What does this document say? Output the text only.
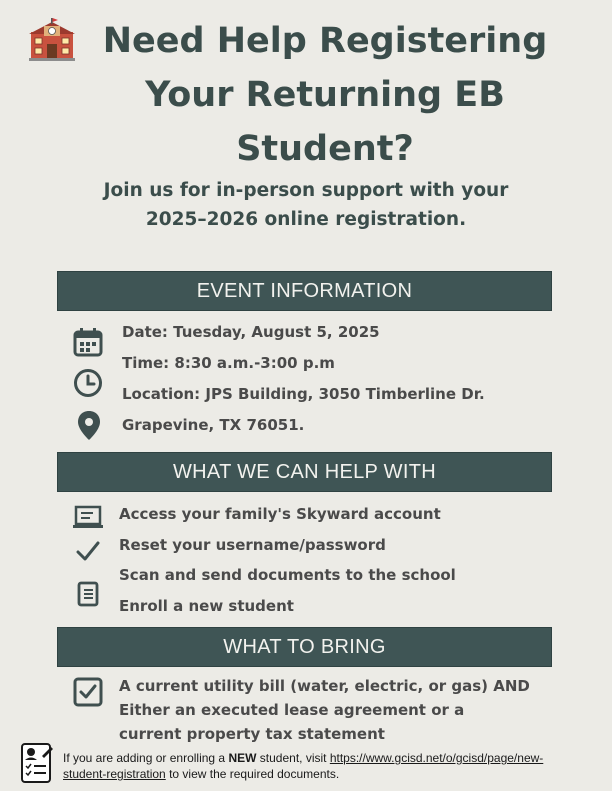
Need Help Registering
Your Returning EB
Student?

Join us for in-person support with your
2025–2026 online registration.

EVENT INFORMATION
Date: Tuesday, August 5, 2025
Time: 8:30 a.m.-3:00 p.m
Location: JPS Building, 3050 Timberline Dr.
Grapevine, TX 76051.
WHAT WE CAN HELP WITH
Access your family's Skyward account
Reset your username/password
Scan and send documents to the school
Enroll a new student
WHAT TO BRING
A current utility bill (water, electric, or gas) AND
Either an executed lease agreement or a
current property tax statement
If you are adding or enrolling a NEW student, visit https://www.gcisd.net/o/gcisd/page/new-
student-registration to view the required documents.
